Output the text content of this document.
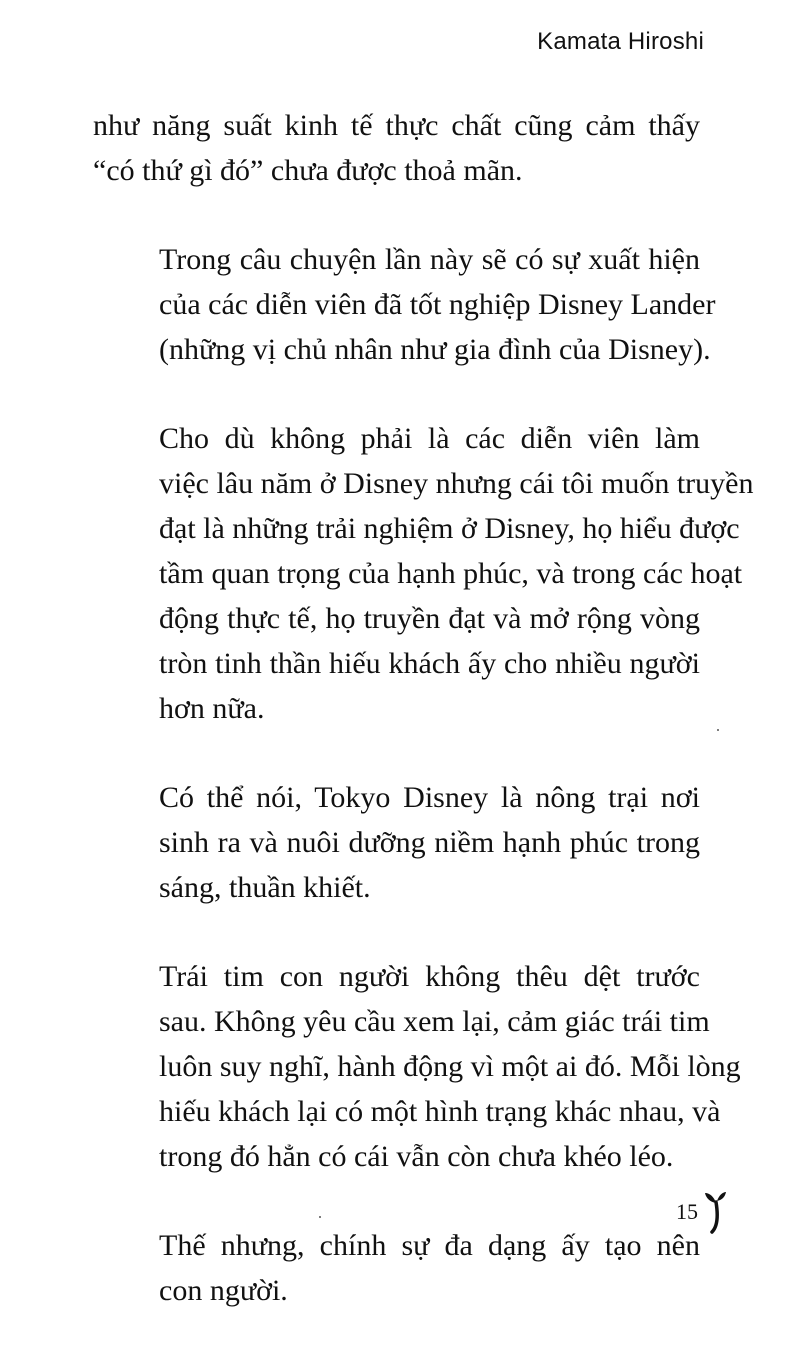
Kamata Hiroshi

như năng suất kinh tế thực chất cũng cảm thấy
“có thứ gì đó” chưa được thoả mãn.

Trong câu chuyện lần này sẽ có sự xuất hiện
của các diễn viên đã tốt nghiệp Disney Lander
(những vị chủ nhân như gia đình của Disney).

Cho dù không phải là các diễn viên làm
việc lâu năm ở Disney nhưng cái tôi muốn truyền
đạt là những trải nghiệm ở Disney, họ hiểu được
tầm quan trọng của hạnh phúc, và trong các hoạt
động thực tế, họ truyền đạt và mở rộng vòng
tròn tinh thần hiếu khách ấy cho nhiều người
hơn nữa.

Có thể nói, Tokyo Disney là nông trại nơi
sinh ra và nuôi dưỡng niềm hạnh phúc trong
sáng, thuần khiết.

Trái tim con người không thêu dệt trước
sau. Không yêu cầu xem lại, cảm giác trái tim
luôn suy nghĩ, hành động vì một ai đó. Mỗi lòng
hiếu khách lại có một hình trạng khác nhau, và
trong đó hẳn có cái vẫn còn chưa khéo léo.

Thế nhưng, chính sự đa dạng ấy tạo nên
con người.

15
